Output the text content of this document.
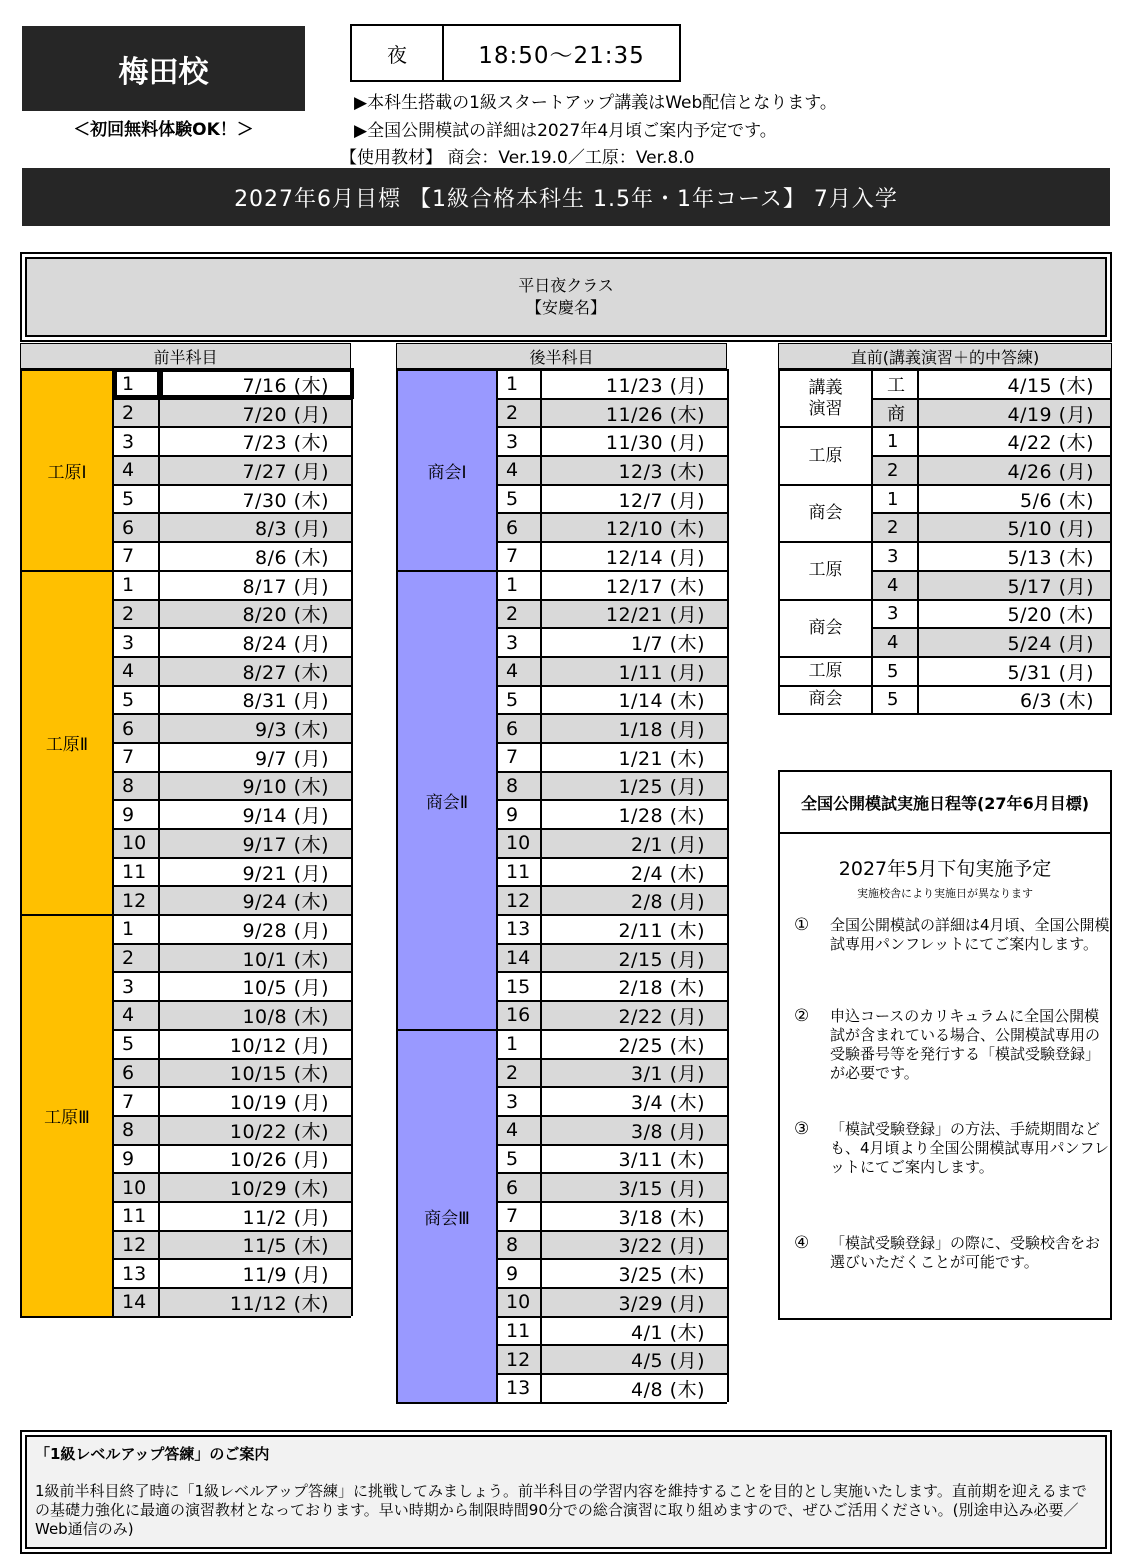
梅田校
＜初回無料体験OK！＞
夜	18:50〜21:35
▶本科生搭載の1級スタートアップ講義はWeb配信となります。
▶全国公開模試の詳細は2027年4月頃ご案内予定です。
【使用教材】 商会：Ver.19.0／工原：Ver.8.0
2027年6月目標 【1級合格本科生 1.5年・1年コース】 7月入学
平日夜クラス
【安慶名】
前半科目
工原Ⅰ
1	7/16 (木)
2	7/20 (月)
3	7/23 (木)
4	7/27 (月)
5	7/30 (木)
6	8/3 (月)
7	8/6 (木)
工原Ⅱ
1	8/17 (月)
2	8/20 (木)
3	8/24 (月)
4	8/27 (木)
5	8/31 (月)
6	9/3 (木)
7	9/7 (月)
8	9/10 (木)
9	9/14 (月)
10	9/17 (木)
11	9/21 (月)
12	9/24 (木)
工原Ⅲ
1	9/28 (月)
2	10/1 (木)
3	10/5 (月)
4	10/8 (木)
5	10/12 (月)
6	10/15 (木)
7	10/19 (月)
8	10/22 (木)
9	10/26 (月)
10	10/29 (木)
11	11/2 (月)
12	11/5 (木)
13	11/9 (月)
14	11/12 (木)
後半科目
商会Ⅰ
1	11/23 (月)
2	11/26 (木)
3	11/30 (月)
4	12/3 (木)
5	12/7 (月)
6	12/10 (木)
7	12/14 (月)
商会Ⅱ
1	12/17 (木)
2	12/21 (月)
3	1/7 (木)
4	1/11 (月)
5	1/14 (木)
6	1/18 (月)
7	1/21 (木)
8	1/25 (月)
9	1/28 (木)
10	2/1 (月)
11	2/4 (木)
12	2/8 (月)
13	2/11 (木)
14	2/15 (月)
15	2/18 (木)
16	2/22 (月)
商会Ⅲ
1	2/25 (木)
2	3/1 (月)
3	3/4 (木)
4	3/8 (月)
5	3/11 (木)
6	3/15 (月)
7	3/18 (木)
8	3/22 (月)
9	3/25 (木)
10	3/29 (月)
11	4/1 (木)
12	4/5 (月)
13	4/8 (木)
直前(講義演習＋的中答練)
講義
演習
工	4/15 (木)
商	4/19 (月)
工原
1	4/22 (木)
2	4/26 (月)
商会
1	5/6 (木)
2	5/10 (月)
工原
3	5/13 (木)
4	5/17 (月)
商会
3	5/20 (木)
4	5/24 (月)
工原	5	5/31 (月)
商会	5	6/3 (木)
全国公開模試実施日程等(27年6月目標)
2027年5月下旬実施予定
実施校舎により実施日が異なります
①	全国公開模試の詳細は4月頃、全国公開模試専用パンフレットにてご案内します。
②	申込コースのカリキュラムに全国公開模試が含まれている場合、公開模試専用の受験番号等を発行する「模試受験登録」が必要です。
③	「模試受験登録」の方法、手続期間なども、4月頃より全国公開模試専用パンフレットにてご案内します。
④	「模試受験登録」の際に、受験校舎をお選びいただくことが可能です。
「1級レベルアップ答練」のご案内
1級前半科目終了時に「1級レベルアップ答練」に挑戦してみましょう。前半科目の学習内容を維持することを目的とし実施いたします。直前期を迎えるまでの基礎力強化に最適の演習教材となっております。早い時期から制限時間90分での総合演習に取り組めますので、ぜひご活用ください。(別途申込み必要／Web通信のみ)
